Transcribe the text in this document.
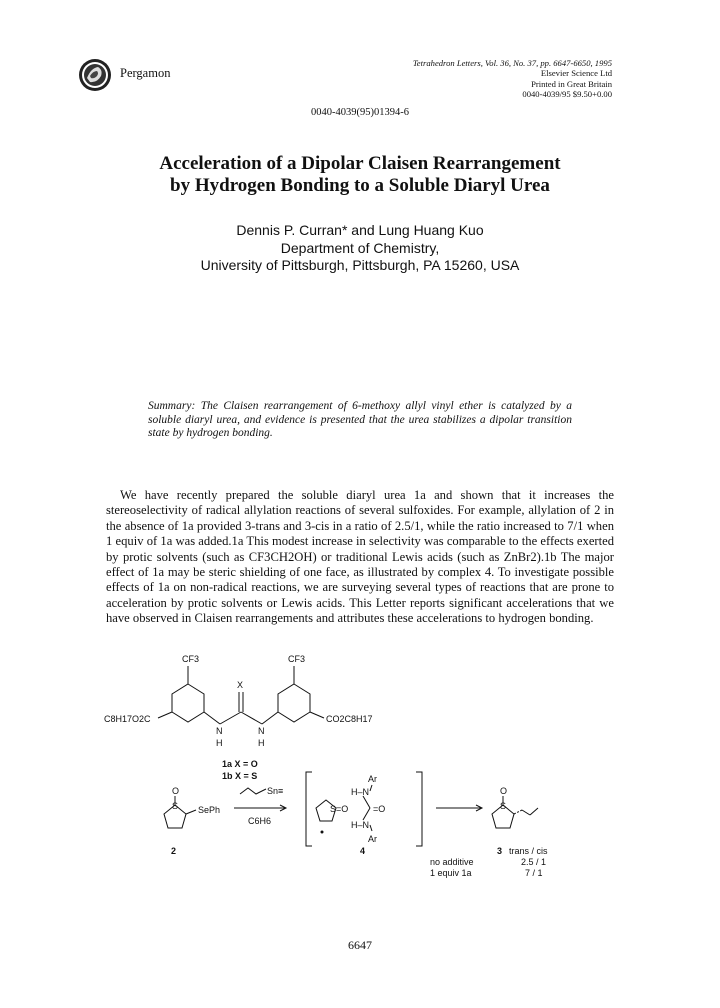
Pergamon
Tetrahedron Letters, Vol. 36, No. 37, pp. 6647-6650, 1995
Elsevier Science Ltd
Printed in Great Britain
0040-4039/95 $9.50+0.00
0040-4039(95)01394-6
Acceleration of a Dipolar Claisen Rearrangement
by Hydrogen Bonding to a Soluble Diaryl Urea
Dennis P. Curran* and Lung Huang Kuo
Department of Chemistry,
University of Pittsburgh, Pittsburgh, PA 15260, USA
Summary: The Claisen rearrangement of 6-methoxy allyl vinyl ether is catalyzed by a soluble diaryl urea, and evidence is presented that the urea stabilizes a dipolar transition state by hydrogen bonding.

We have recently prepared the soluble diaryl urea 1a and shown that it increases the stereoselectivity of radical allylation reactions of several sulfoxides. For example, allylation of 2 in the absence of 1a provided 3-trans and 3-cis in a ratio of 2.5/1, while the ratio increased to 7/1 when 1 equiv of 1a was added.1a This modest increase in selectivity was comparable to the effects exerted by protic solvents (such as CF3CH2OH) or traditional Lewis acids (such as ZnBr2).1b The major effect of 1a may be steric shielding of one face, as illustrated by complex 4. To investigate possible effects of 1a on non-radical reactions, we are surveying several types of reactions that are prone to acceleration by protic solvents or Lewis acids. This Letter reports significant accelerations that we have observed in Claisen rearrangements and attributes these accelerations to hydrogen bonding.

CF3	CF3
X
C8H17O2C	CO2C8H17
N	N
H	H
1a X = O
1b X = S
O
S SePh
2
Sn≡
C6H6
Ar
H–N
S=O	=O
H–N
Ar
4
O
S
3 trans / cis
no additive	2.5 / 1
1 equiv 1a	7 / 1
6647
